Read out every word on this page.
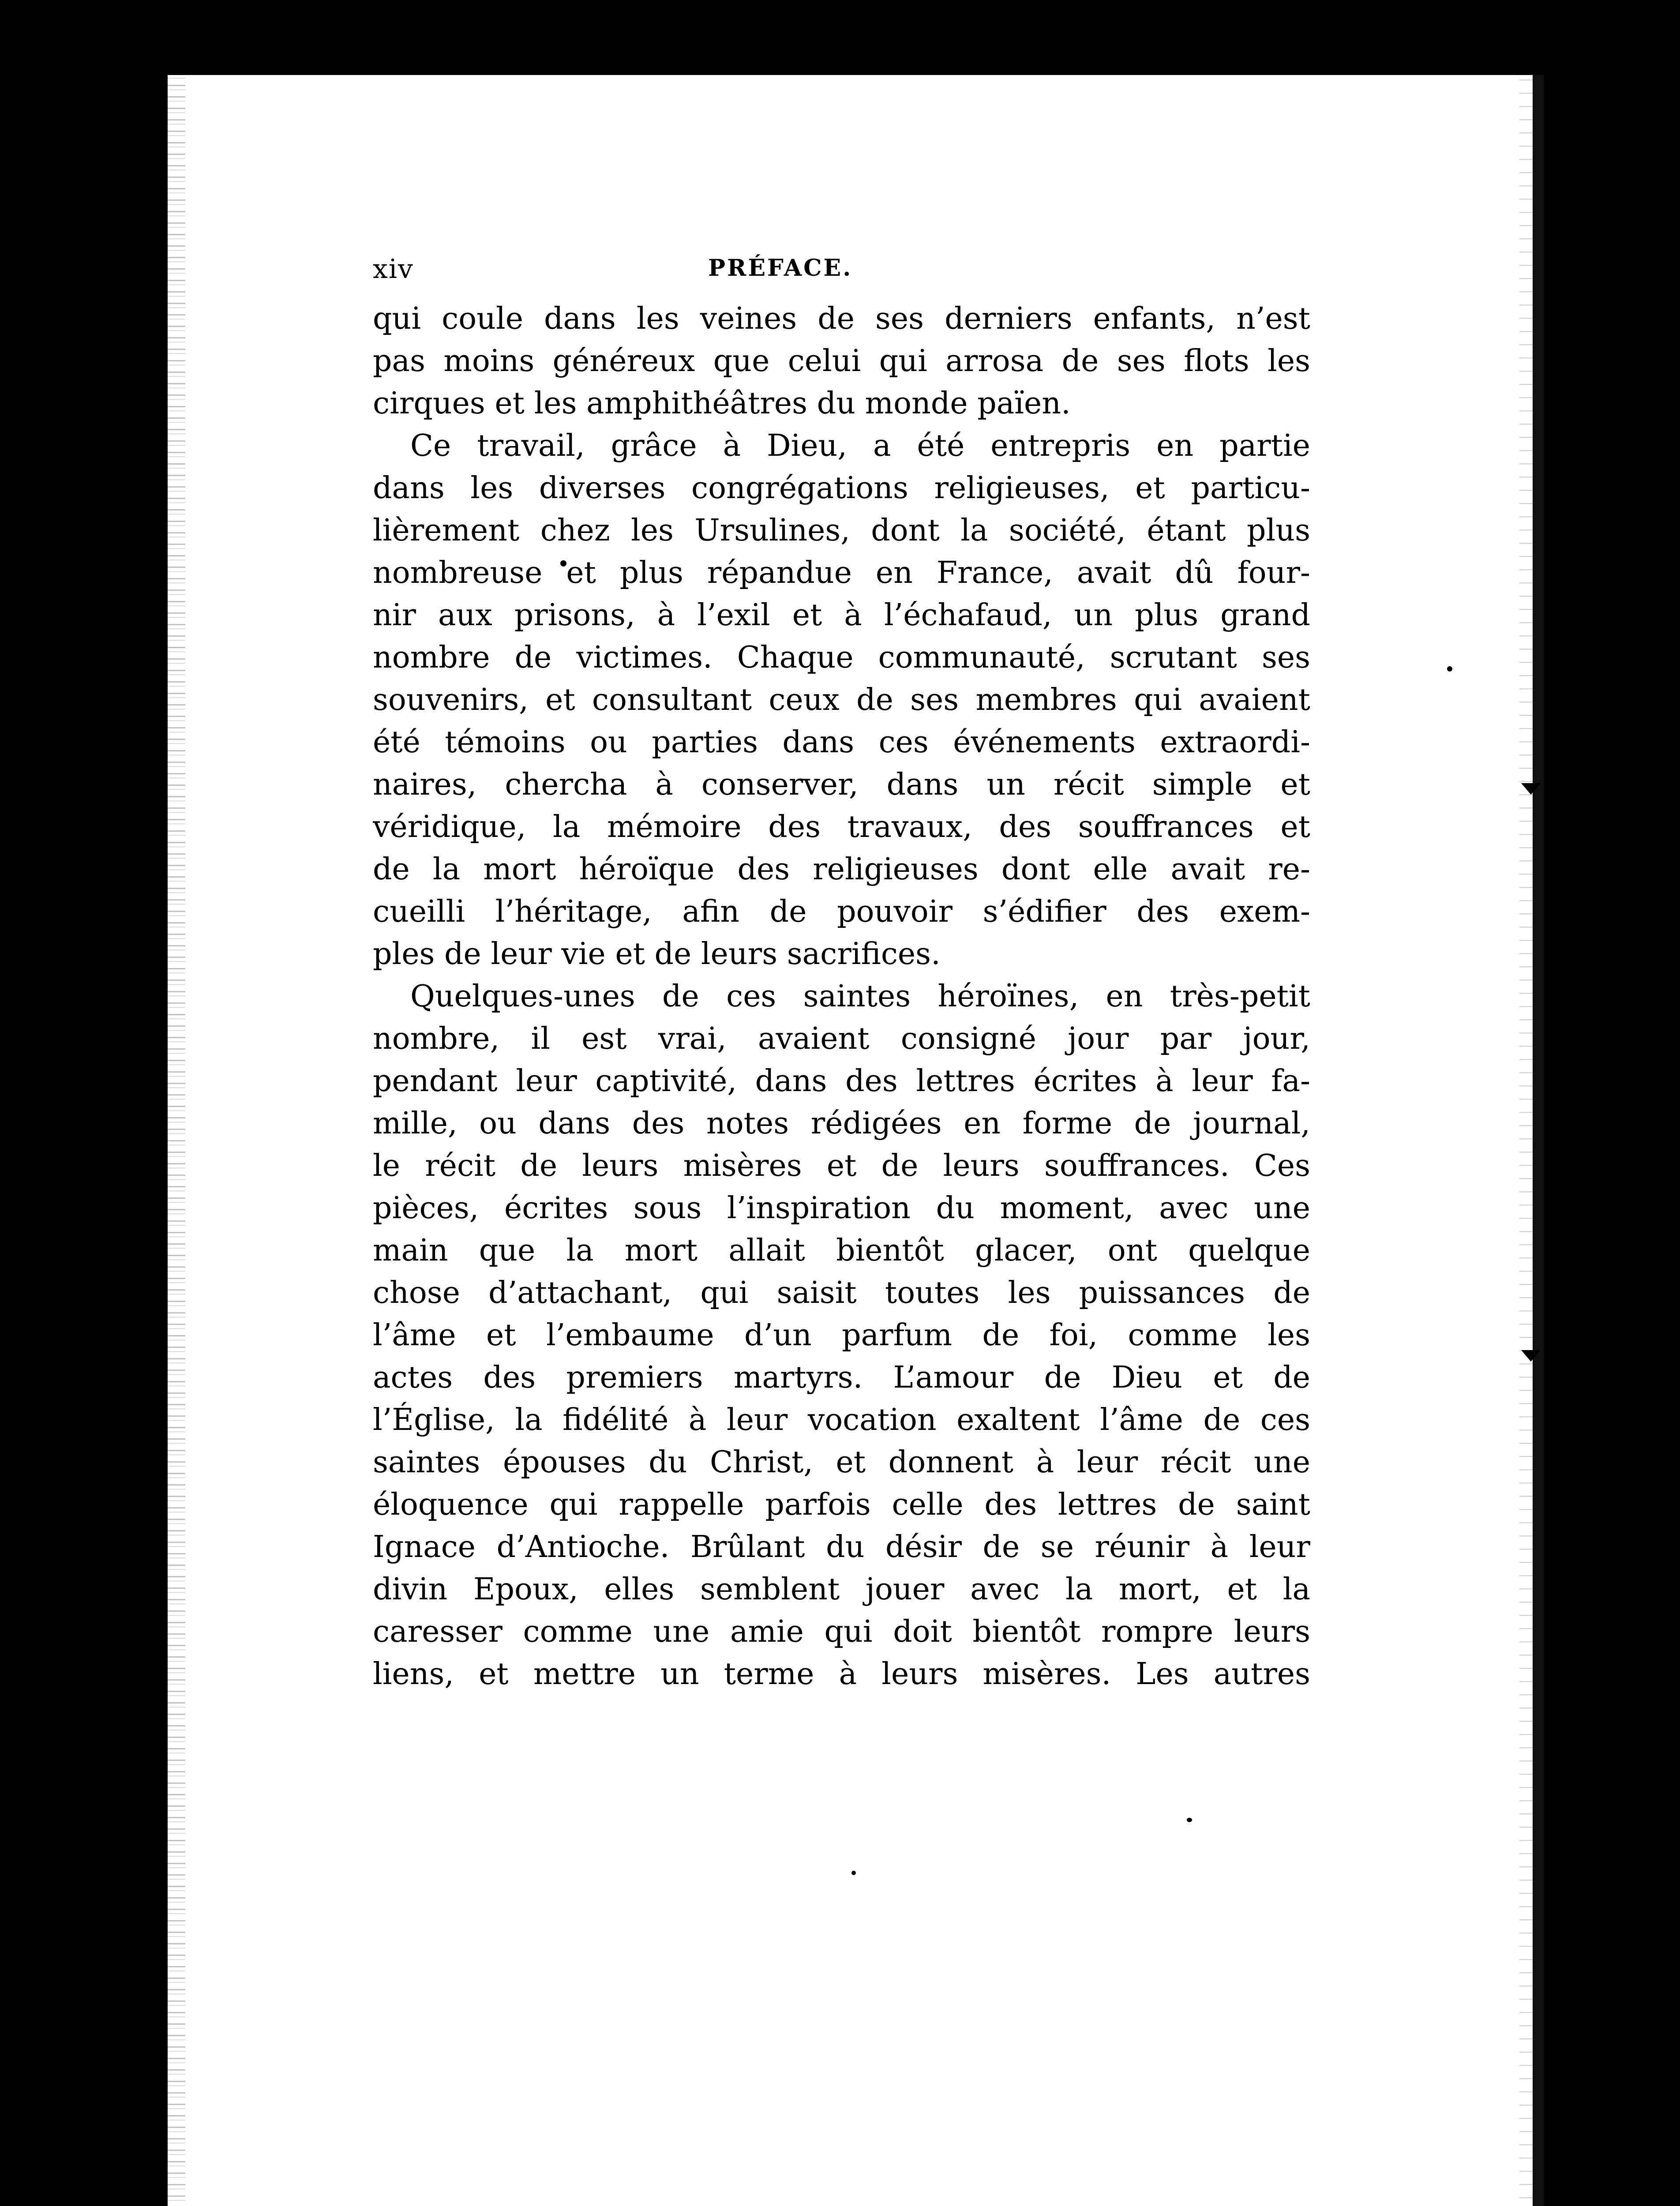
xiv	PRÉFACE.
qui coule dans les veines de ses derniers enfants, n’est
pas moins généreux que celui qui arrosa de ses flots les
cirques et les amphithéâtres du monde païen.
Ce travail, grâce à Dieu, a été entrepris en partie
dans les diverses congrégations religieuses, et particu-
lièrement chez les Ursulines, dont la société, étant plus
nombreuse et plus répandue en France, avait dû four-
nir aux prisons, à l’exil et à l’échafaud, un plus grand
nombre de victimes. Chaque communauté, scrutant ses
souvenirs, et consultant ceux de ses membres qui avaient
été témoins ou parties dans ces événements extraordi-
naires, chercha à conserver, dans un récit simple et
véridique, la mémoire des travaux, des souffrances et
de la mort héroïque des religieuses dont elle avait re-
cueilli l’héritage, afin de pouvoir s’édifier des exem-
ples de leur vie et de leurs sacrifices.
Quelques-unes de ces saintes héroïnes, en très-petit
nombre, il est vrai, avaient consigné jour par jour,
pendant leur captivité, dans des lettres écrites à leur fa-
mille, ou dans des notes rédigées en forme de journal,
le récit de leurs misères et de leurs souffrances. Ces
pièces, écrites sous l’inspiration du moment, avec une
main que la mort allait bientôt glacer, ont quelque
chose d’attachant, qui saisit toutes les puissances de
l’âme et l’embaume d’un parfum de foi, comme les
actes des premiers martyrs. L’amour de Dieu et de
l’Église, la fidélité à leur vocation exaltent l’âme de ces
saintes épouses du Christ, et donnent à leur récit une
éloquence qui rappelle parfois celle des lettres de saint
Ignace d’Antioche. Brûlant du désir de se réunir à leur
divin Epoux, elles semblent jouer avec la mort, et la
caresser comme une amie qui doit bientôt rompre leurs
liens, et mettre un terme à leurs misères. Les autres
